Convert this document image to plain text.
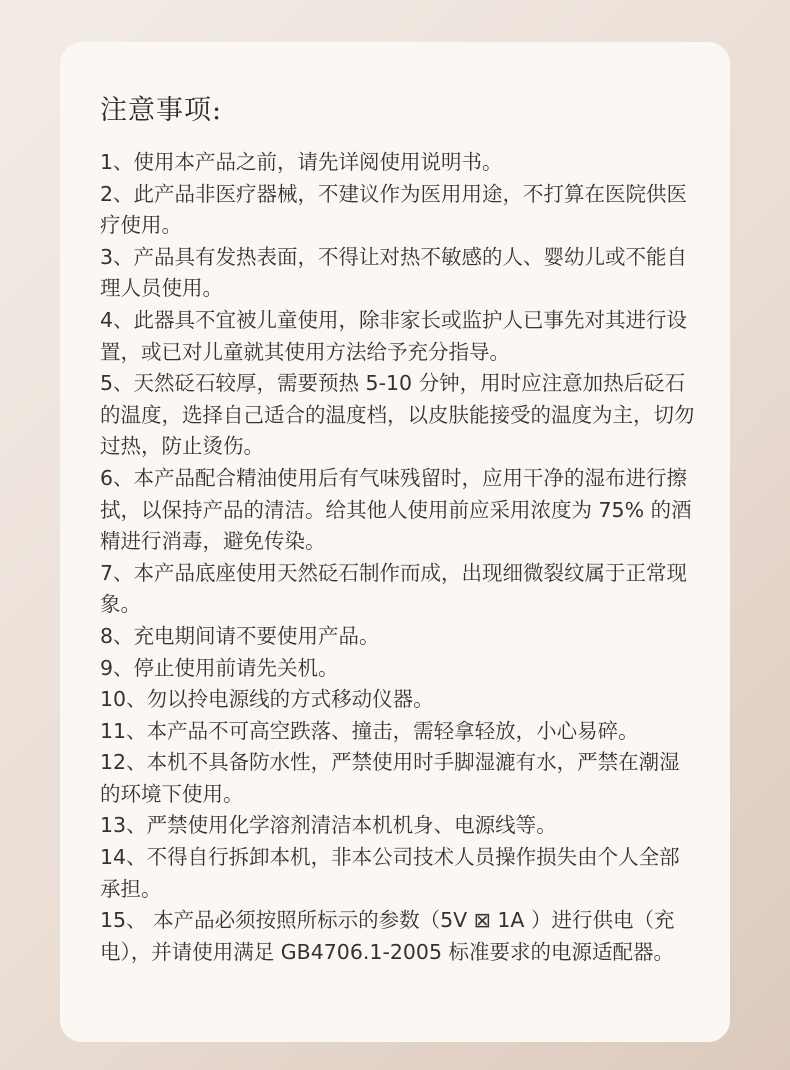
注意事项:
1、使用本产品之前，请先详阅使用说明书。
2、此产品非医疗器械，不建议作为医用用途，不打算在医院供医疗使用。
3、产品具有发热表面，不得让对热不敏感的人、婴幼儿或不能自理人员使用。
4、此器具不宜被儿童使用，除非家长或监护人已事先对其进行设置，或已对儿童就其使用方法给予充分指导。
5、天然砭石较厚，需要预热 5-10 分钟，用时应注意加热后砭石的温度，选择自己适合的温度档，以皮肤能接受的温度为主，切勿过热，防止烫伤。
6、本产品配合精油使用后有气味残留时，应用干净的湿布进行擦拭，以保持产品的清洁。给其他人使用前应采用浓度为 75% 的酒精进行消毒，避免传染。
7、本产品底座使用天然砭石制作而成，出现细微裂纹属于正常现象。
8、充电期间请不要使用产品。
9、停止使用前请先关机。
10、勿以拎电源线的方式移动仪器。
11、本产品不可高空跌落、撞击，需轻拿轻放，小心易碎。
12、本机不具备防水性，严禁使用时手脚湿漉有水，严禁在潮湿的环境下使用。
13、严禁使用化学溶剂清洁本机机身、电源线等。
14、不得自行拆卸本机，非本公司技术人员操作损失由个人全部承担。
15、 本产品必须按照所标示的参数（5V ⊠ 1A ）进行供电（充电），并请使用满足 GB4706.1-2005 标准要求的电源适配器。
